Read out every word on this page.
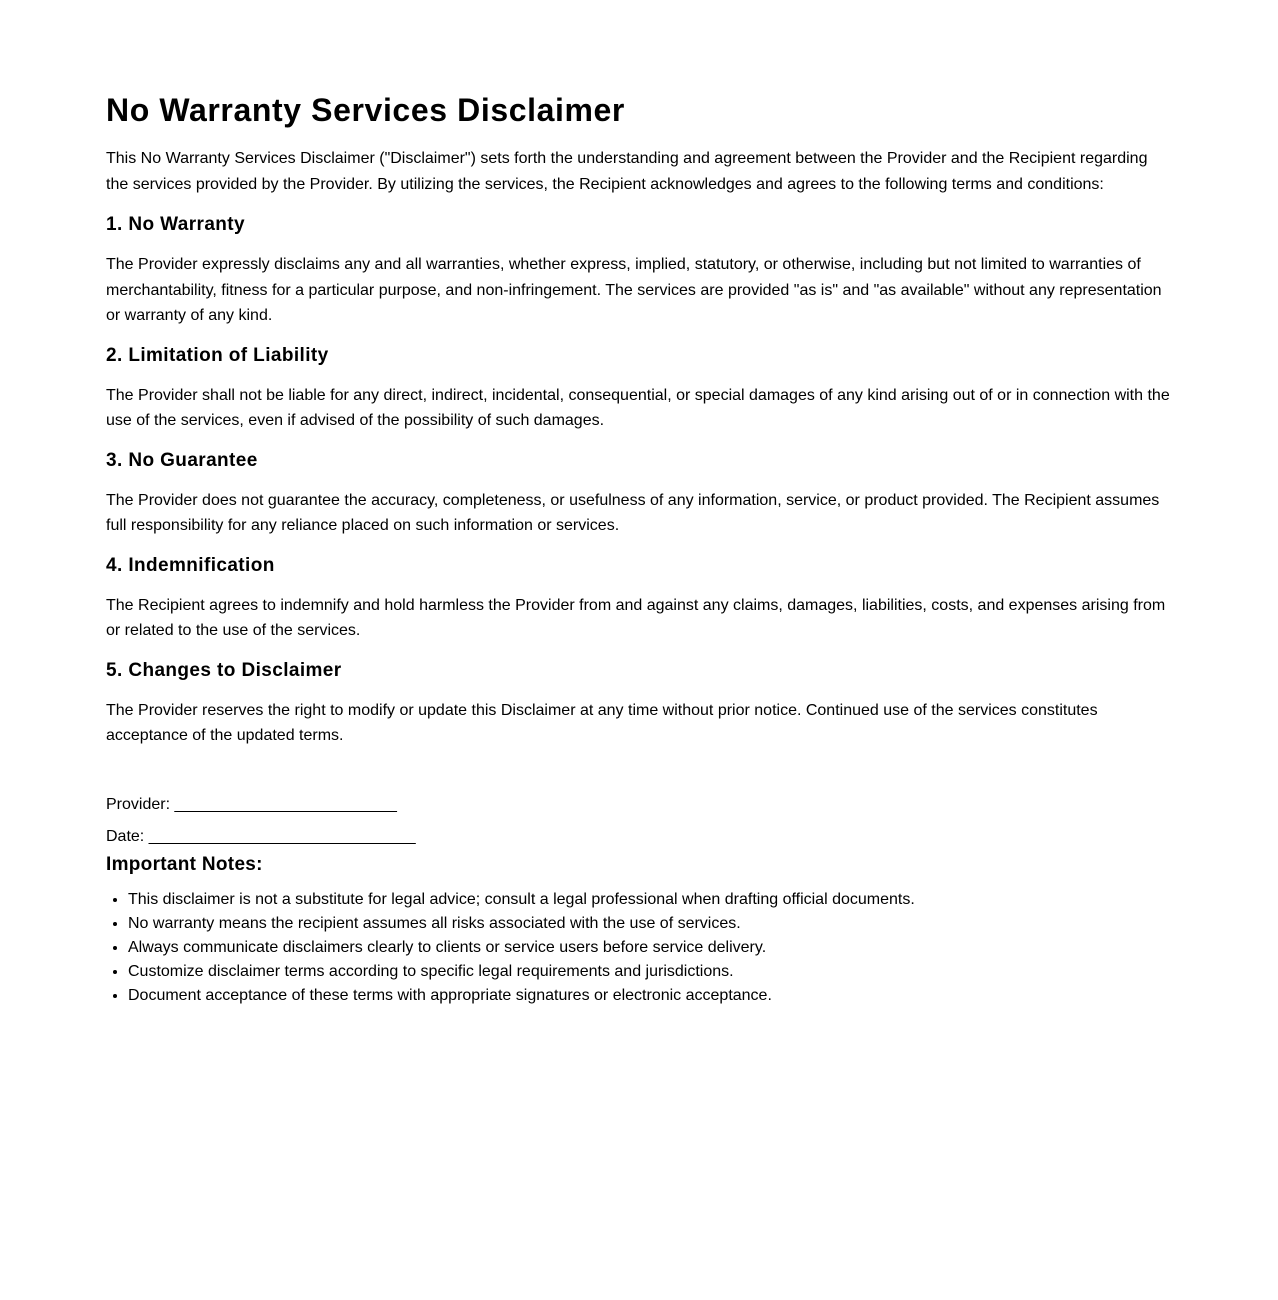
No Warranty Services Disclaimer

This No Warranty Services Disclaimer ("Disclaimer") sets forth the understanding and agreement between the Provider and the Recipient regarding the services provided by the Provider. By utilizing the services, the Recipient acknowledges and agrees to the following terms and conditions:

1. No Warranty

The Provider expressly disclaims any and all warranties, whether express, implied, statutory, or otherwise, including but not limited to warranties of merchantability, fitness for a particular purpose, and non-infringement. The services are provided "as is" and "as available" without any representation or warranty of any kind.

2. Limitation of Liability

The Provider shall not be liable for any direct, indirect, incidental, consequential, or special damages of any kind arising out of or in connection with the use of the services, even if advised of the possibility of such damages.

3. No Guarantee

The Provider does not guarantee the accuracy, completeness, or usefulness of any information, service, or product provided. The Recipient assumes full responsibility for any reliance placed on such information or services.

4. Indemnification

The Recipient agrees to indemnify and hold harmless the Provider from and against any claims, damages, liabilities, costs, and expenses arising from or related to the use of the services.

5. Changes to Disclaimer

The Provider reserves the right to modify or update this Disclaimer at any time without prior notice. Continued use of the services constitutes acceptance of the updated terms.

Provider: _________________________

Date: ______________________________

Important Notes:
• This disclaimer is not a substitute for legal advice; consult a legal professional when drafting official documents.
• No warranty means the recipient assumes all risks associated with the use of services.
• Always communicate disclaimers clearly to clients or service users before service delivery.
• Customize disclaimer terms according to specific legal requirements and jurisdictions.
• Document acceptance of these terms with appropriate signatures or electronic acceptance.
